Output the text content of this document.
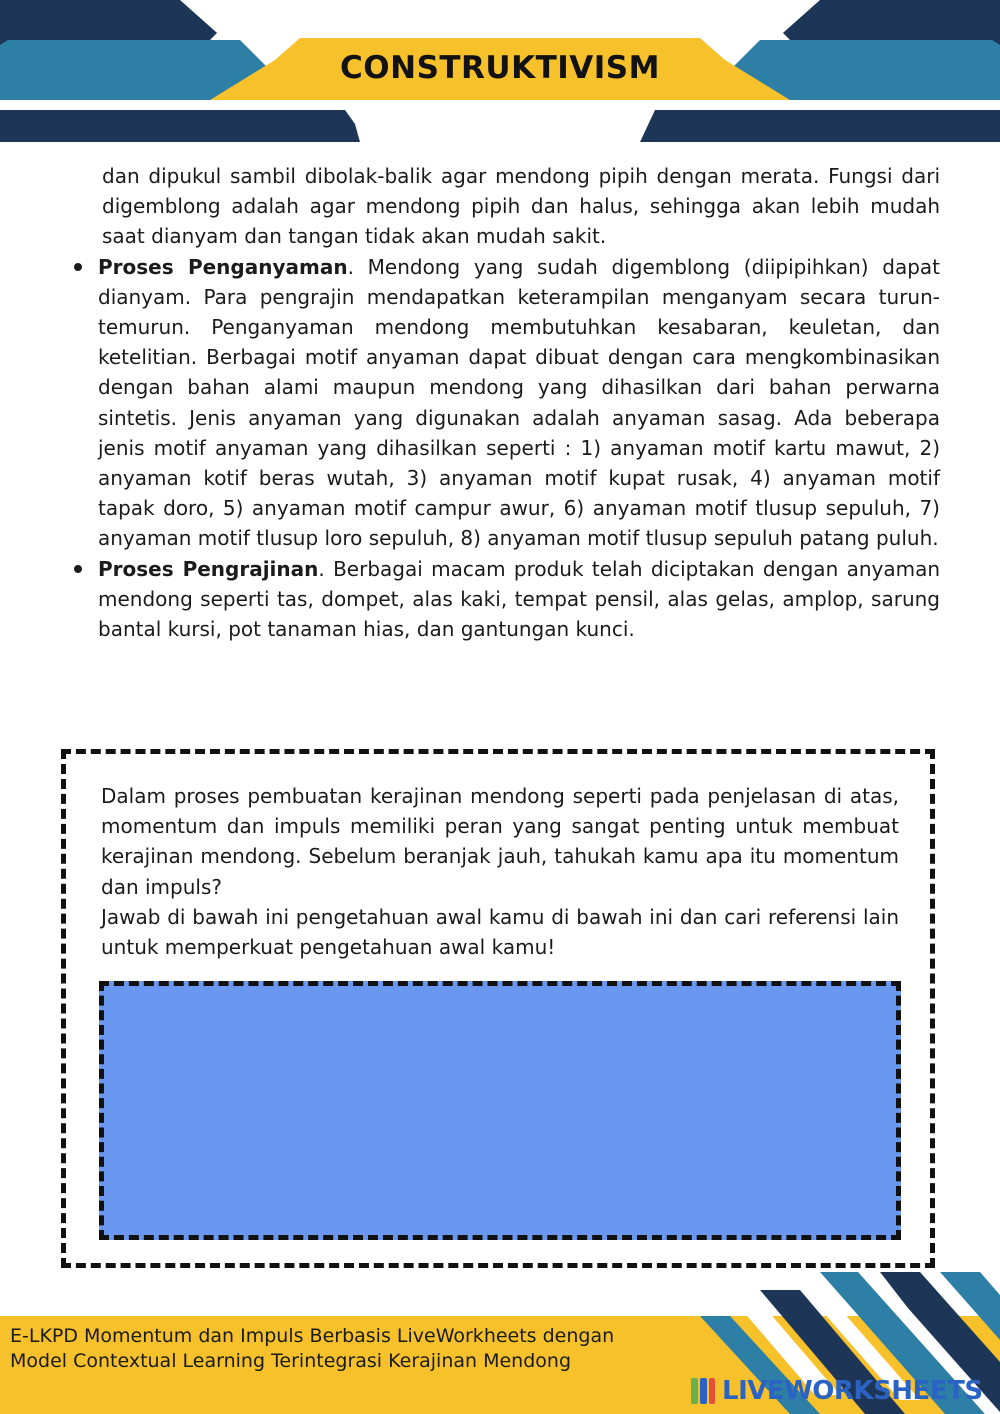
CONSTRUKTIVISM

dan dipukul sambil dibolak-balik agar mendong pipih dengan merata. Fungsi dari digemblong adalah agar mendong pipih dan halus, sehingga akan lebih mudah saat dianyam dan tangan tidak akan mudah sakit.

Proses Penganyaman. Mendong yang sudah digemblong (diipipihkan) dapat dianyam. Para pengrajin mendapatkan keterampilan menganyam secara turun-temurun. Penganyaman mendong membutuhkan kesabaran, keuletan, dan ketelitian. Berbagai motif anyaman dapat dibuat dengan cara mengkombinasikan dengan bahan alami maupun mendong yang dihasilkan dari bahan perwarna sintetis. Jenis anyaman yang digunakan adalah anyaman sasag. Ada beberapa jenis motif anyaman yang dihasilkan seperti : 1) anyaman motif kartu mawut, 2) anyaman kotif beras wutah, 3) anyaman motif kupat rusak, 4) anyaman motif tapak doro, 5) anyaman motif campur awur, 6) anyaman motif tlusup sepuluh, 7) anyaman motif tlusup loro sepuluh, 8) anyaman motif tlusup sepuluh patang puluh.
Proses Pengrajinan. Berbagai macam produk telah diciptakan dengan anyaman mendong seperti tas, dompet, alas kaki, tempat pensil, alas gelas, amplop, sarung bantal kursi, pot tanaman hias, dan gantungan kunci.

Dalam proses pembuatan kerajinan mendong seperti pada penjelasan di atas, momentum dan impuls memiliki peran yang sangat penting untuk membuat kerajinan mendong. Sebelum beranjak jauh, tahukah kamu apa itu momentum dan impuls?

Jawab di bawah ini pengetahuan awal kamu di bawah ini dan cari referensi lain untuk memperkuat pengetahuan awal kamu!

E-LKPD Momentum dan Impuls Berbasis LiveWorkheets dengan
Model Contextual Learning Terintegrasi Kerajinan Mendong
LIVEWORKSHEETS
